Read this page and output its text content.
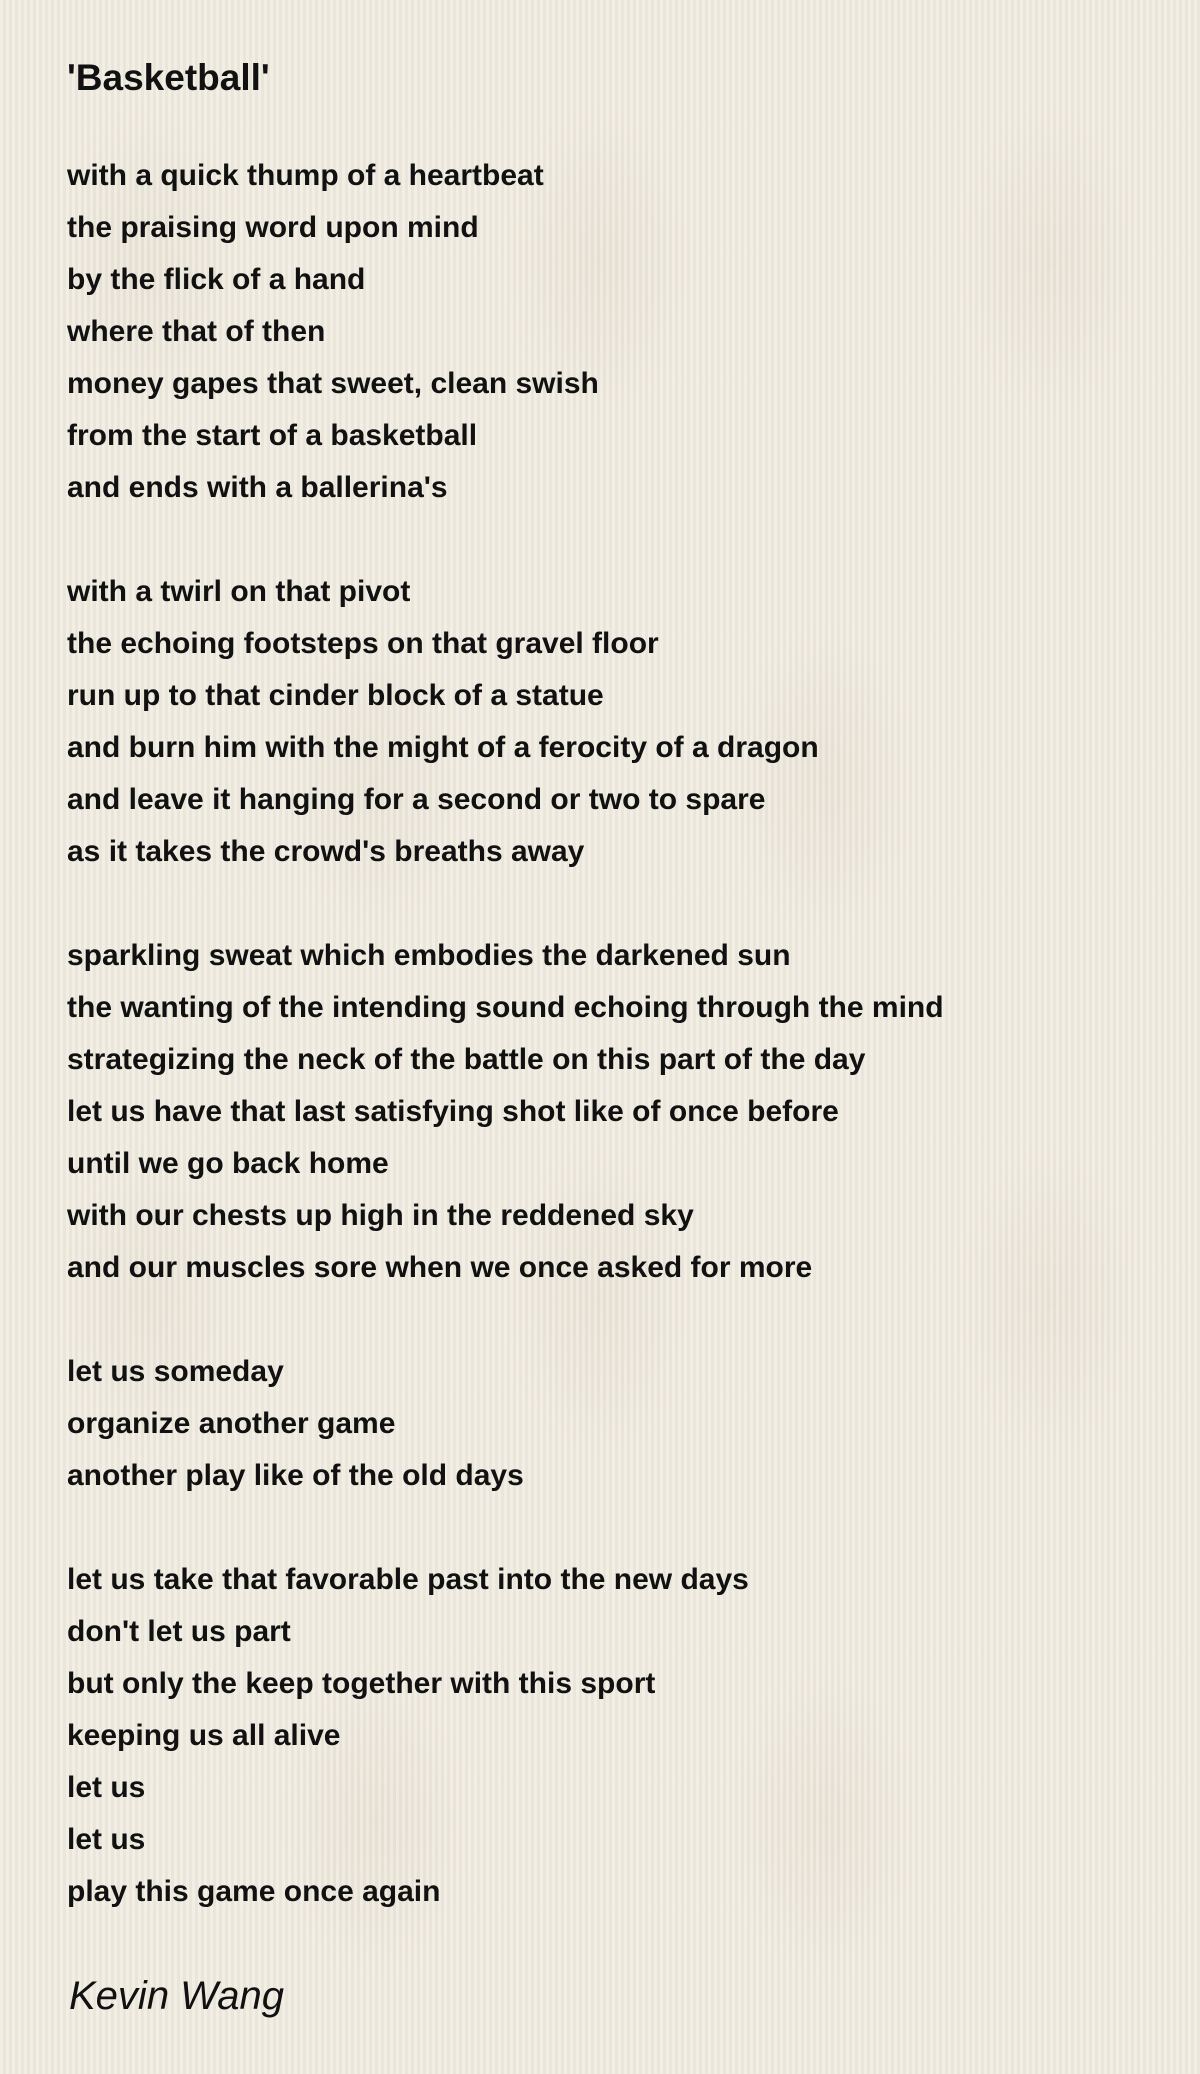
'Basketball'
with a quick thump of a heartbeat
the praising word upon mind
by the flick of a hand
where that of then
money gapes that sweet, clean swish
from the start of a basketball
and ends with a ballerina's
with a twirl on that pivot
the echoing footsteps on that gravel floor
run up to that cinder block of a statue
and burn him with the might of a ferocity of a dragon
and leave it hanging for a second or two to spare
as it takes the crowd's breaths away
sparkling sweat which embodies the darkened sun
the wanting of the intending sound echoing through the mind
strategizing the neck of the battle on this part of the day
let us have that last satisfying shot like of once before
until we go back home
with our chests up high in the reddened sky
and our muscles sore when we once asked for more
let us someday
organize another game
another play like of the old days
let us take that favorable past into the new days
don't let us part
but only the keep together with this sport
keeping us all alive
let us
let us
play this game once again

Kevin Wang
